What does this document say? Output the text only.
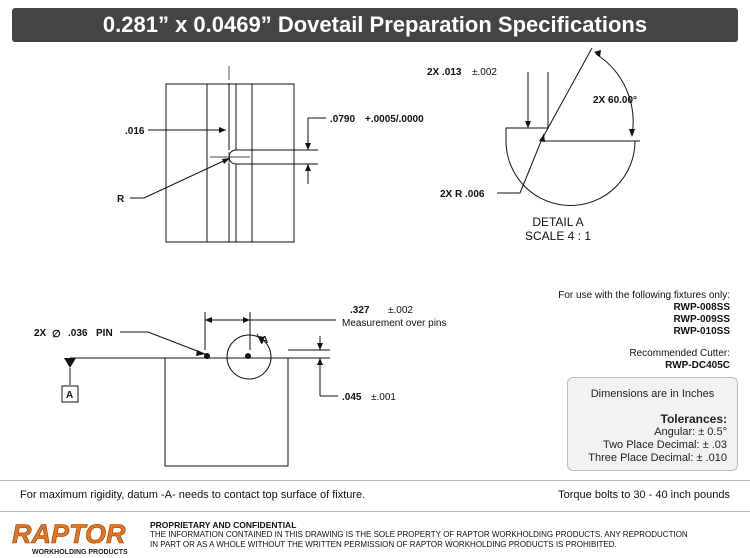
0.281” x 0.0469” Dovetail Preparation Specifications
.016
.0790 +.0005/.0000
R
2X .013 ±.002
2X 60.00°
2X R .006
DETAIL A
SCALE 4 : 1
2X ∅ .036 PIN
.327 ±.002
Measurement over pins
.045 ±.001
A
A
For use with the following fixtures only:
RWP-008SS
RWP-009SS
RWP-010SS
Recommended Cutter:
RWP-DC405C
Dimensions are in Inches
Tolerances:
Angular: ± 0.5°
Two Place Decimal: ± .03
Three Place Decimal: ± .010
For maximum rigidity, datum -A- needs to contact top surface of fixture.	Torque bolts to 30 - 40 inch pounds
RAPTOR
WORKHOLDING PRODUCTS
PROPRIETARY AND CONFIDENTIAL
THE INFORMATION CONTAINED IN THIS DRAWING IS THE SOLE PROPERTY OF RAPTOR WORKHOLDING PRODUCTS. ANY REPRODUCTION
IN PART OR AS A WHOLE WITHOUT THE WRITTEN PERMISSION OF RAPTOR WORKHOLDING PRODUCTS IS PROHIBITED.
